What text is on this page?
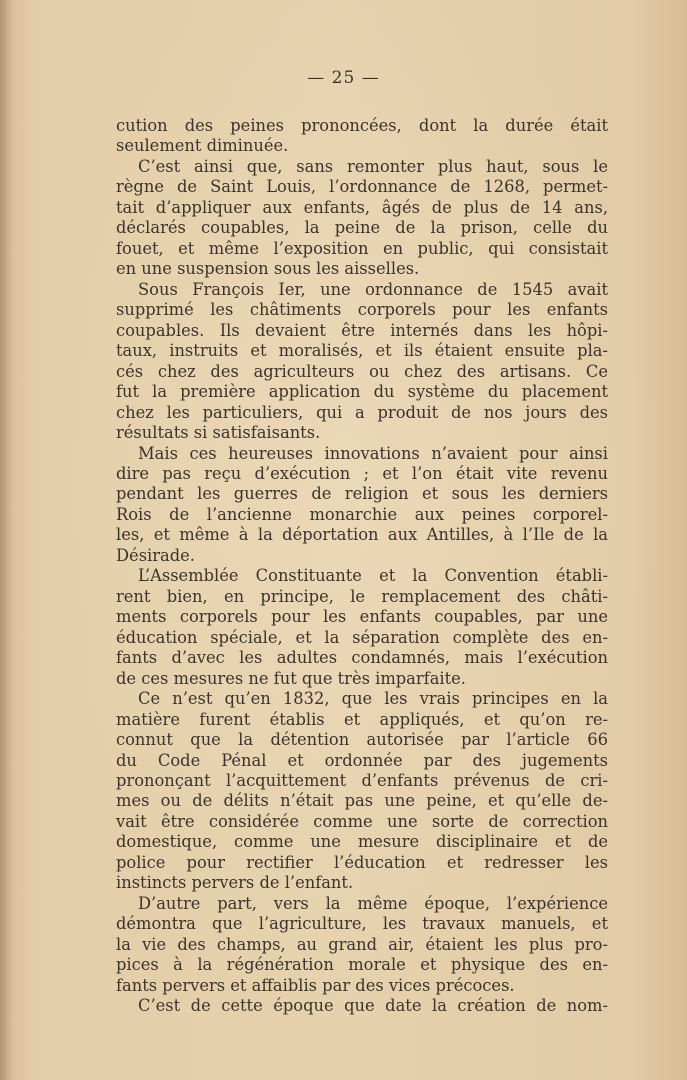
— 25 —
cution des peines prononcées, dont la durée était
seulement diminuée.
C’est ainsi que, sans remonter plus haut, sous le
règne de Saint Louis, l’ordonnance de 1268, permet-
tait d’appliquer aux enfants, âgés de plus de 14 ans,
déclarés coupables, la peine de la prison, celle du
fouet, et même l’exposition en public, qui consistait
en une suspension sous les aisselles.
Sous François Ier, une ordonnance de 1545 avait
supprimé les châtiments corporels pour les enfants
coupables. Ils devaient être internés dans les hôpi-
taux, instruits et moralisés, et ils étaient ensuite pla-
cés chez des agriculteurs ou chez des artisans. Ce
fut la première application du système du placement
chez les particuliers, qui a produit de nos jours des
résultats si satisfaisants.
Mais ces heureuses innovations n’avaient pour ainsi
dire pas reçu d’exécution ; et l’on était vite revenu
pendant les guerres de religion et sous les derniers
Rois de l’ancienne monarchie aux peines corporel-
les, et même à la déportation aux Antilles, à l’Ile de la
Désirade.
L’Assemblée Constituante et la Convention établi-
rent bien, en principe, le remplacement des châti-
ments corporels pour les enfants coupables, par une
éducation spéciale, et la séparation complète des en-
fants d’avec les adultes condamnés, mais l’exécution
de ces mesures ne fut que très imparfaite.
Ce n’est qu’en 1832, que les vrais principes en la
matière furent établis et appliqués, et qu’on re-
connut que la détention autorisée par l’article 66
du Code Pénal et ordonnée par des jugements
prononçant l’acquittement d’enfants prévenus de cri-
mes ou de délits n’était pas une peine, et qu’elle de-
vait être considérée comme une sorte de correction
domestique, comme une mesure disciplinaire et de
police pour rectifier l’éducation et redresser les
instincts pervers de l’enfant.
D’autre part, vers la même époque, l’expérience
démontra que l’agriculture, les travaux manuels, et
la vie des champs, au grand air, étaient les plus pro-
pices à la régénération morale et physique des en-
fants pervers et affaiblis par des vices précoces.
C’est de cette époque que date la création de nom-
